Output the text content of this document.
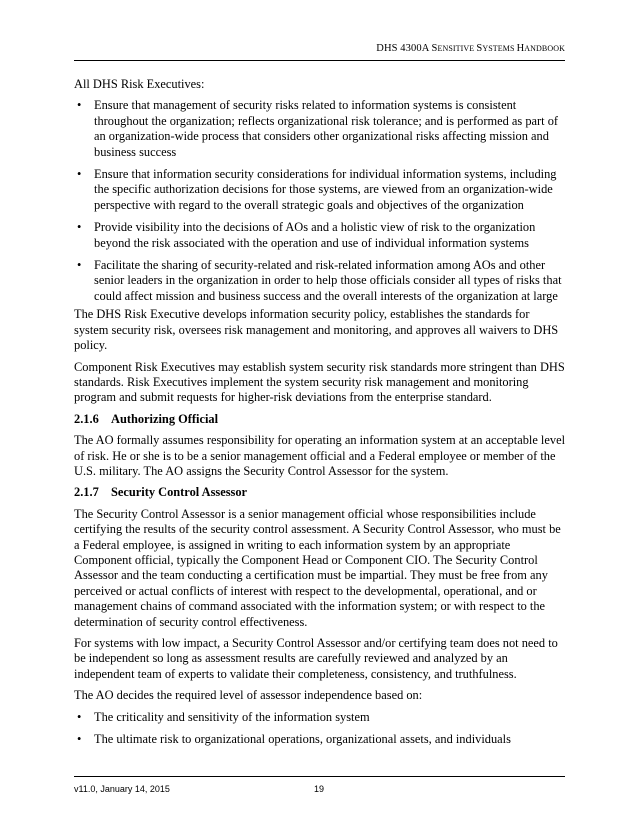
DHS 4300A SENSITIVE SYSTEMS HANDBOOK

All DHS Risk Executives:

• Ensure that management of security risks related to information systems is consistent throughout the organization; reflects organizational risk tolerance; and is performed as part of an organization-wide process that considers other organizational risks affecting mission and business success
• Ensure that information security considerations for individual information systems, including the specific authorization decisions for those systems, are viewed from an organization-wide perspective with regard to the overall strategic goals and objectives of the organization
• Provide visibility into the decisions of AOs and a holistic view of risk to the organization beyond the risk associated with the operation and use of individual information systems
• Facilitate the sharing of security-related and risk-related information among AOs and other senior leaders in the organization in order to help those officials consider all types of risks that could affect mission and business success and the overall interests of the organization at large

The DHS Risk Executive develops information security policy, establishes the standards for system security risk, oversees risk management and monitoring, and approves all waivers to DHS policy.

Component Risk Executives may establish system security risk standards more stringent than DHS standards. Risk Executives implement the system security risk management and monitoring program and submit requests for higher-risk deviations from the enterprise standard.

2.1.6 Authorizing Official

The AO formally assumes responsibility for operating an information system at an acceptable level of risk. He or she is to be a senior management official and a Federal employee or member of the U.S. military. The AO assigns the Security Control Assessor for the system.

2.1.7 Security Control Assessor

The Security Control Assessor is a senior management official whose responsibilities include certifying the results of the security control assessment. A Security Control Assessor, who must be a Federal employee, is assigned in writing to each information system by an appropriate Component official, typically the Component Head or Component CIO. The Security Control Assessor and the team conducting a certification must be impartial. They must be free from any perceived or actual conflicts of interest with respect to the developmental, operational, and or management chains of command associated with the information system; or with respect to the determination of security control effectiveness.

For systems with low impact, a Security Control Assessor and/or certifying team does not need to be independent so long as assessment results are carefully reviewed and analyzed by an independent team of experts to validate their completeness, consistency, and truthfulness.

The AO decides the required level of assessor independence based on:

• The criticality and sensitivity of the information system
• The ultimate risk to organizational operations, organizational assets, and individuals
v11.0, January 14, 2015	19
